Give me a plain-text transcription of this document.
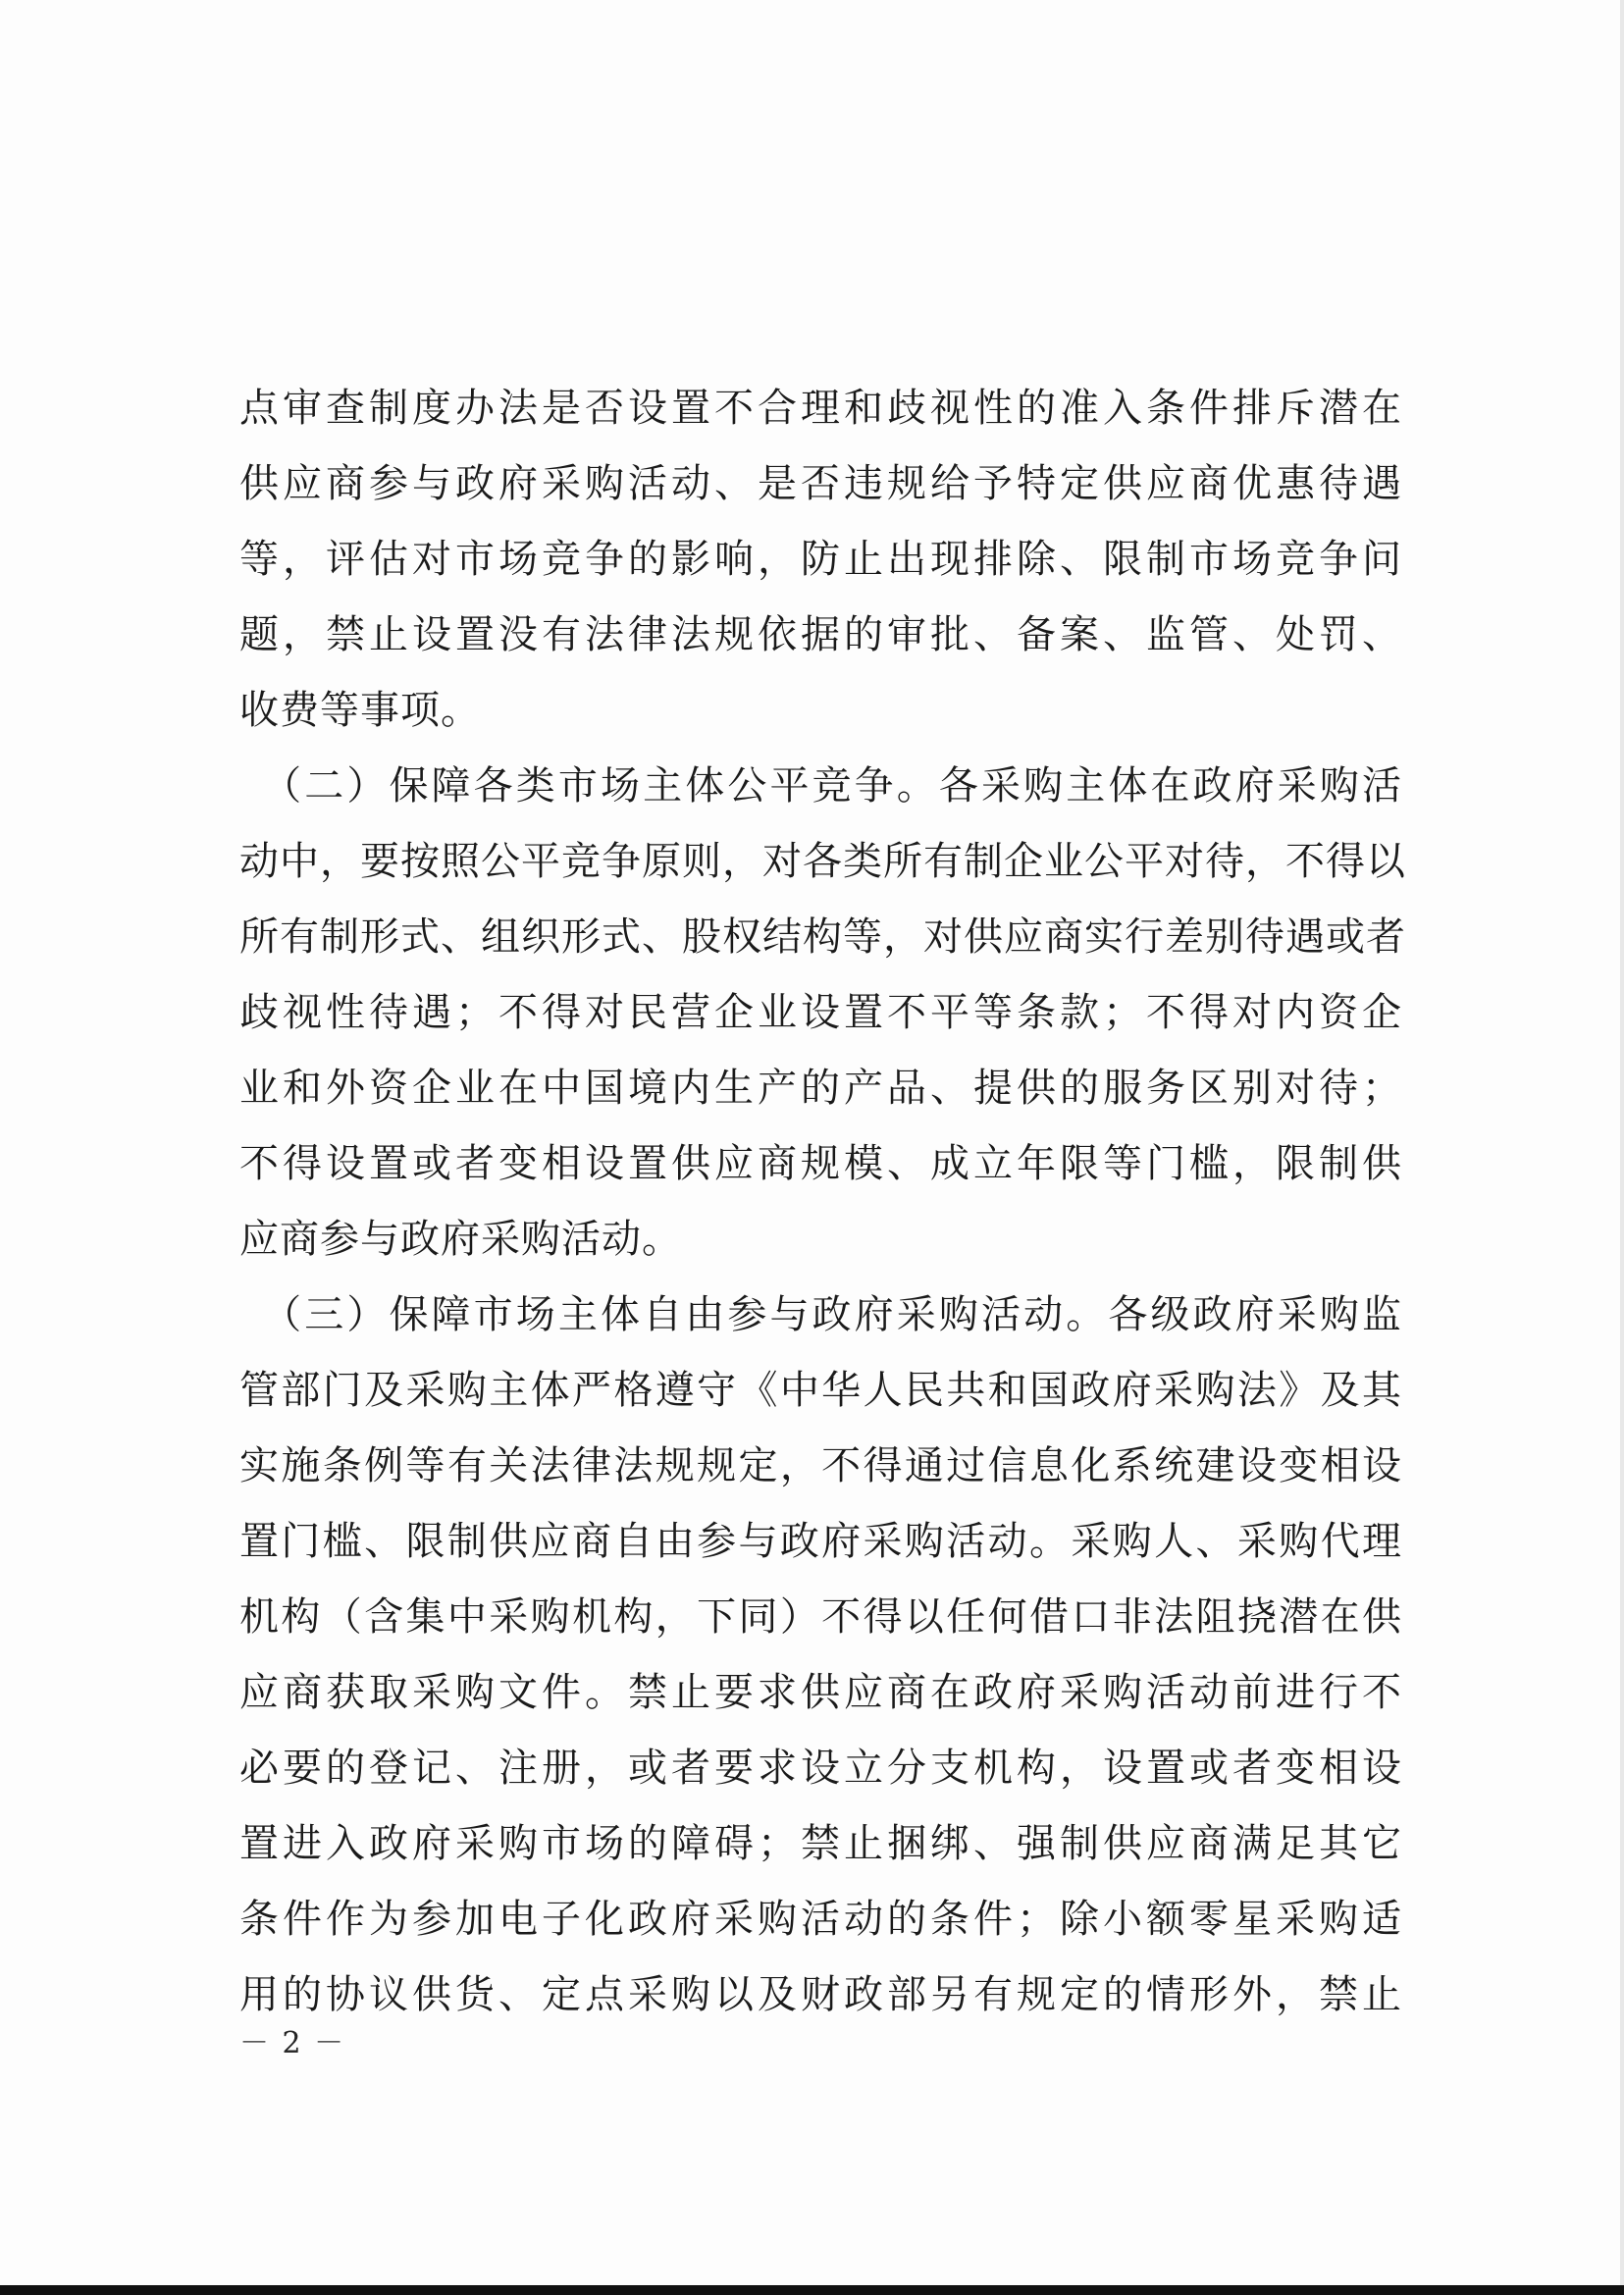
点审查制度办法是否设置不合理和歧视性的准入条件排斥潜在
供应商参与政府采购活动、是否违规给予特定供应商优惠待遇
等，评估对市场竞争的影响，防止出现排除、限制市场竞争问
题，禁止设置没有法律法规依据的审批、备案、监管、处罚、
收费等事项。
　（二）保障各类市场主体公平竞争。各采购主体在政府采购活
动中，要按照公平竞争原则，对各类所有制企业公平对待，不得以
所有制形式、组织形式、股权结构等，对供应商实行差别待遇或者
歧视性待遇；不得对民营企业设置不平等条款；不得对内资企
业和外资企业在中国境内生产的产品、提供的服务区别对待；
不得设置或者变相设置供应商规模、成立年限等门槛，限制供
应商参与政府采购活动。
　（三）保障市场主体自由参与政府采购活动。各级政府采购监
管部门及采购主体严格遵守《中华人民共和国政府采购法》及其
实施条例等有关法律法规规定，不得通过信息化系统建设变相设
置门槛、限制供应商自由参与政府采购活动。采购人、采购代理
机构（含集中采购机构，下同）不得以任何借口非法阻挠潜在供
应商获取采购文件。禁止要求供应商在政府采购活动前进行不
必要的登记、注册，或者要求设立分支机构，设置或者变相设
置进入政府采购市场的障碍；禁止捆绑、强制供应商满足其它
条件作为参加电子化政府采购活动的条件；除小额零星采购适
用的协议供货、定点采购以及财政部另有规定的情形外，禁止
－ 2 －
